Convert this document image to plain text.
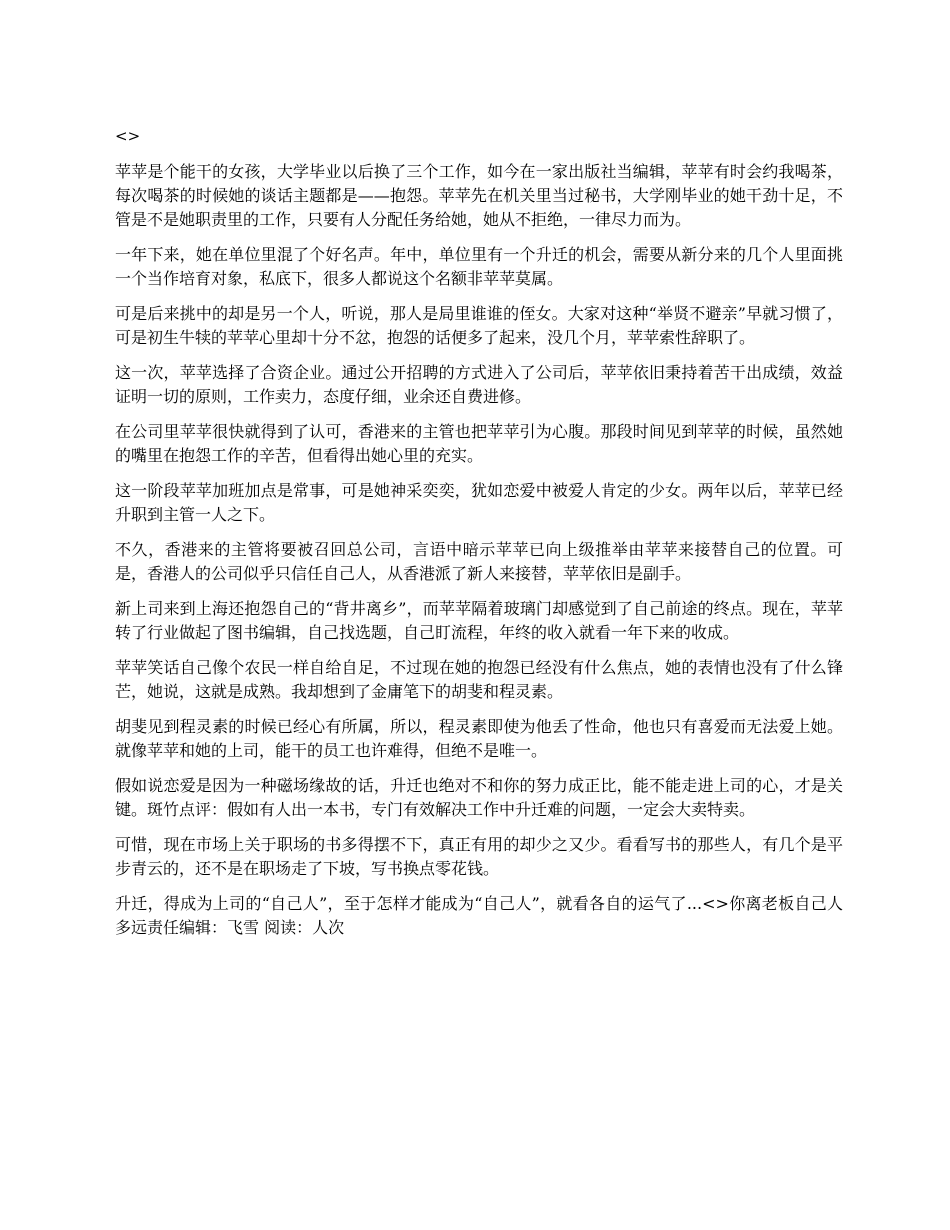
<>

苹苹是个能干的女孩，大学毕业以后换了三个工作，如今在一家出版社当编辑，苹苹有时会约我喝茶，每次喝茶的时候她的谈话主题都是——抱怨。苹苹先在机关里当过秘书，大学刚毕业的她干劲十足，不管是不是她职责里的工作，只要有人分配任务给她，她从不拒绝，一律尽力而为。

一年下来，她在单位里混了个好名声。年中，单位里有一个升迁的机会，需要从新分来的几个人里面挑一个当作培育对象，私底下，很多人都说这个名额非苹苹莫属。

可是后来挑中的却是另一个人，听说，那人是局里谁谁的侄女。大家对这种“举贤不避亲”早就习惯了，可是初生牛犊的苹苹心里却十分不忿，抱怨的话便多了起来，没几个月，苹苹索性辞职了。

这一次，苹苹选择了合资企业。通过公开招聘的方式进入了公司后，苹苹依旧秉持着苦干出成绩，效益证明一切的原则，工作卖力，态度仔细，业余还自费进修。

在公司里苹苹很快就得到了认可，香港来的主管也把苹苹引为心腹。那段时间见到苹苹的时候，虽然她的嘴里在抱怨工作的辛苦，但看得出她心里的充实。

这一阶段苹苹加班加点是常事，可是她神采奕奕，犹如恋爱中被爱人肯定的少女。两年以后，苹苹已经升职到主管一人之下。

不久，香港来的主管将要被召回总公司，言语中暗示苹苹已向上级推举由苹苹来接替自己的位置。可是，香港人的公司似乎只信任自己人，从香港派了新人来接替，苹苹依旧是副手。

新上司来到上海还抱怨自己的“背井离乡”，而苹苹隔着玻璃门却感觉到了自己前途的终点。现在，苹苹转了行业做起了图书编辑，自己找选题，自己盯流程，年终的收入就看一年下来的收成。

苹苹笑话自己像个农民一样自给自足，不过现在她的抱怨已经没有什么焦点，她的表情也没有了什么锋芒，她说，这就是成熟。我却想到了金庸笔下的胡斐和程灵素。

胡斐见到程灵素的时候已经心有所属，所以，程灵素即使为他丢了性命，他也只有喜爱而无法爱上她。就像苹苹和她的上司，能干的员工也许难得，但绝不是唯一。

假如说恋爱是因为一种磁场缘故的话，升迁也绝对不和你的努力成正比，能不能走进上司的心，才是关键。斑竹点评：假如有人出一本书，专门有效解决工作中升迁难的问题，一定会大卖特卖。

可惜，现在市场上关于职场的书多得摆不下，真正有用的却少之又少。看看写书的那些人，有几个是平步青云的，还不是在职场走了下坡，写书换点零花钱。

升迁，得成为上司的“自己人”，至于怎样才能成为“自己人”，就看各自的运气了...<>你离老板自己人多远责任编辑：飞雪 阅读：人次
